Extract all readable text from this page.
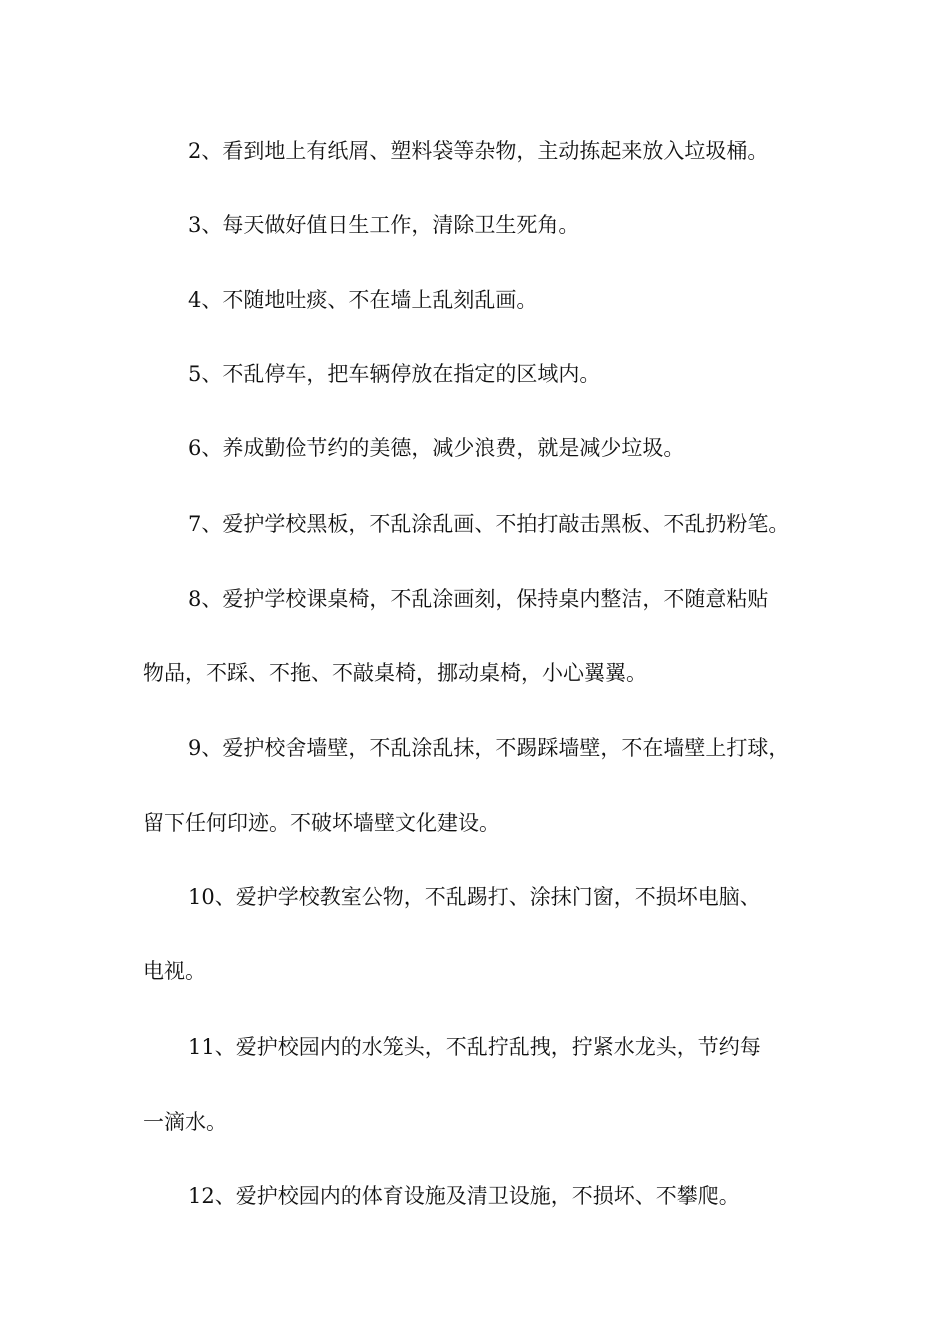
2、看到地上有纸屑、塑料袋等杂物，主动拣起来放入垃圾桶。
3、每天做好值日生工作，清除卫生死角。
4、不随地吐痰、不在墙上乱刻乱画。
5、不乱停车，把车辆停放在指定的区域内。
6、养成勤俭节约的美德，减少浪费，就是减少垃圾。
7、爱护学校黑板，不乱涂乱画、不拍打敲击黑板、不乱扔粉笔。
8、爱护学校课桌椅，不乱涂画刻，保持桌内整洁，不随意粘贴
物品，不踩、不拖、不敲桌椅，挪动桌椅，小心翼翼。
9、爱护校舍墙壁，不乱涂乱抹，不踢踩墙壁，不在墙壁上打球，
留下任何印迹。不破坏墙壁文化建设。
10、爱护学校教室公物，不乱踢打、涂抹门窗，不损坏电脑、
电视。
11、爱护校园内的水笼头，不乱拧乱拽，拧紧水龙头，节约每
一滴水。
12、爱护校园内的体育设施及清卫设施，不损坏、不攀爬。
